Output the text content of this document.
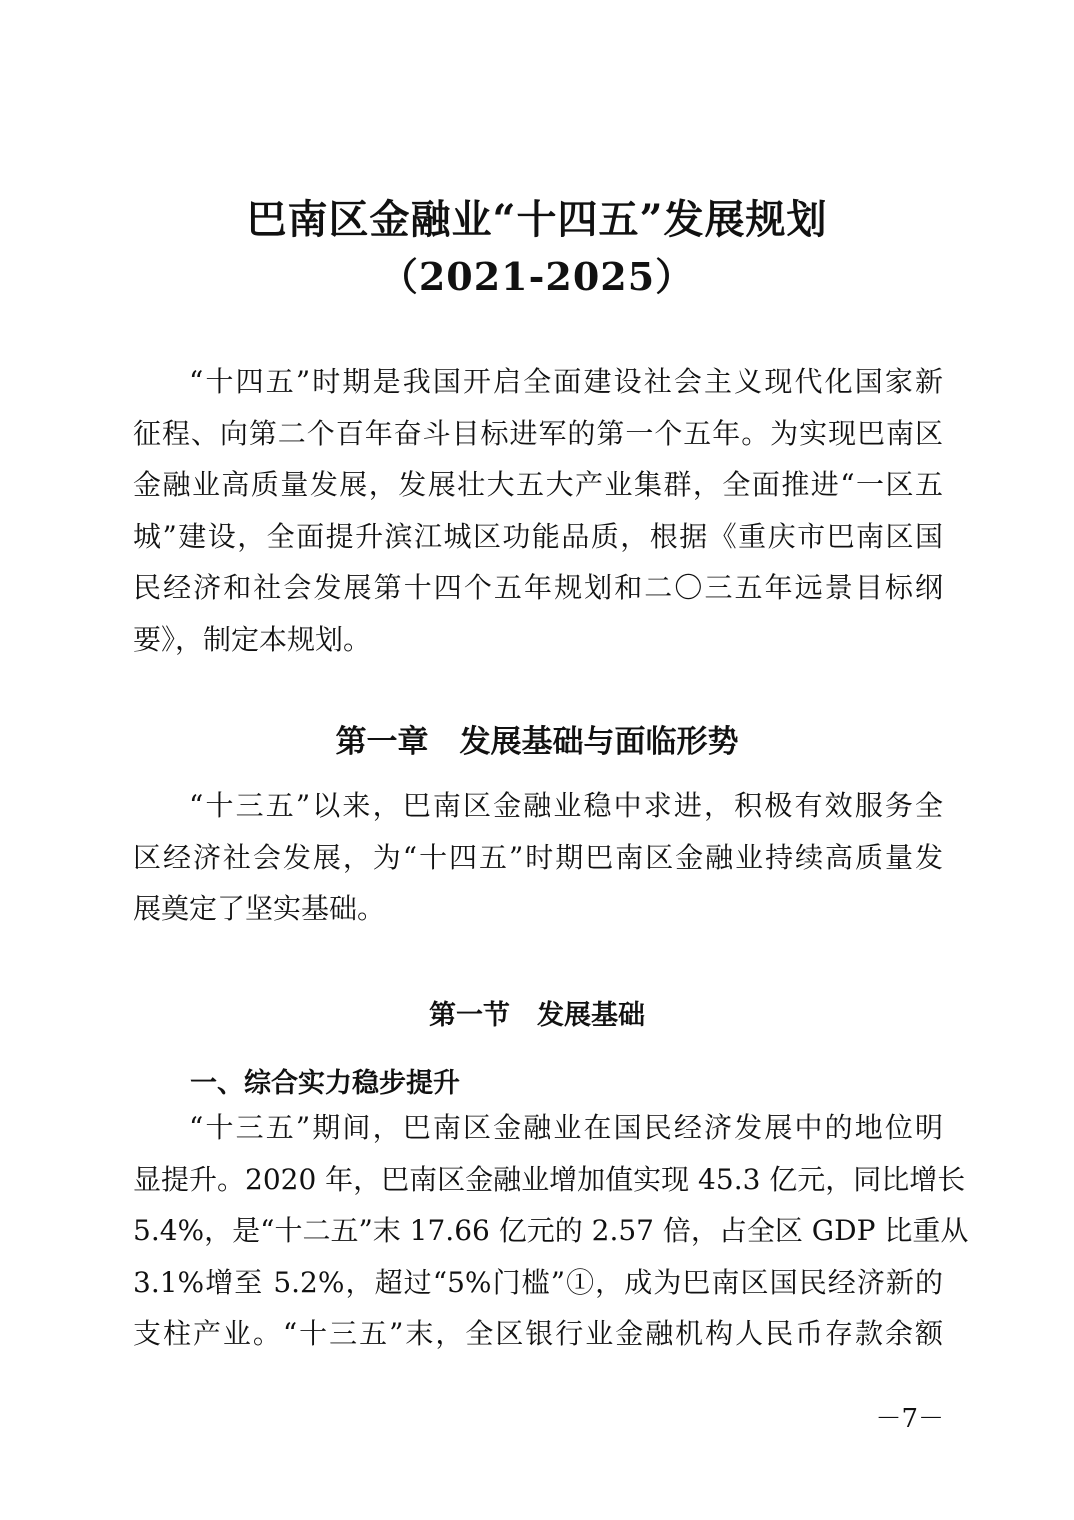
巴南区金融业“十四五”发展规划
（2021-2025）
“十四五”时期是我国开启全面建设社会主义现代化国家新
征程、向第二个百年奋斗目标进军的第一个五年。为实现巴南区
金融业高质量发展，发展壮大五大产业集群，全面推进“一区五
城”建设，全面提升滨江城区功能品质，根据《重庆市巴南区国
民经济和社会发展第十四个五年规划和二〇三五年远景目标纲
要》，制定本规划。
第一章　发展基础与面临形势
“十三五”以来，巴南区金融业稳中求进，积极有效服务全
区经济社会发展，为“十四五”时期巴南区金融业持续高质量发
展奠定了坚实基础。
第一节　发展基础
一、综合实力稳步提升
“十三五”期间，巴南区金融业在国民经济发展中的地位明
显提升。2020 年，巴南区金融业增加值实现 45.3 亿元，同比增长
5.4%，是“十二五”末 17.66 亿元的 2.57 倍，占全区 GDP 比重从
3.1%增至 5.2%，超过“5%门槛”①，成为巴南区国民经济新的
支柱产业。“十三五”末，全区银行业金融机构人民币存款余额
－7－
